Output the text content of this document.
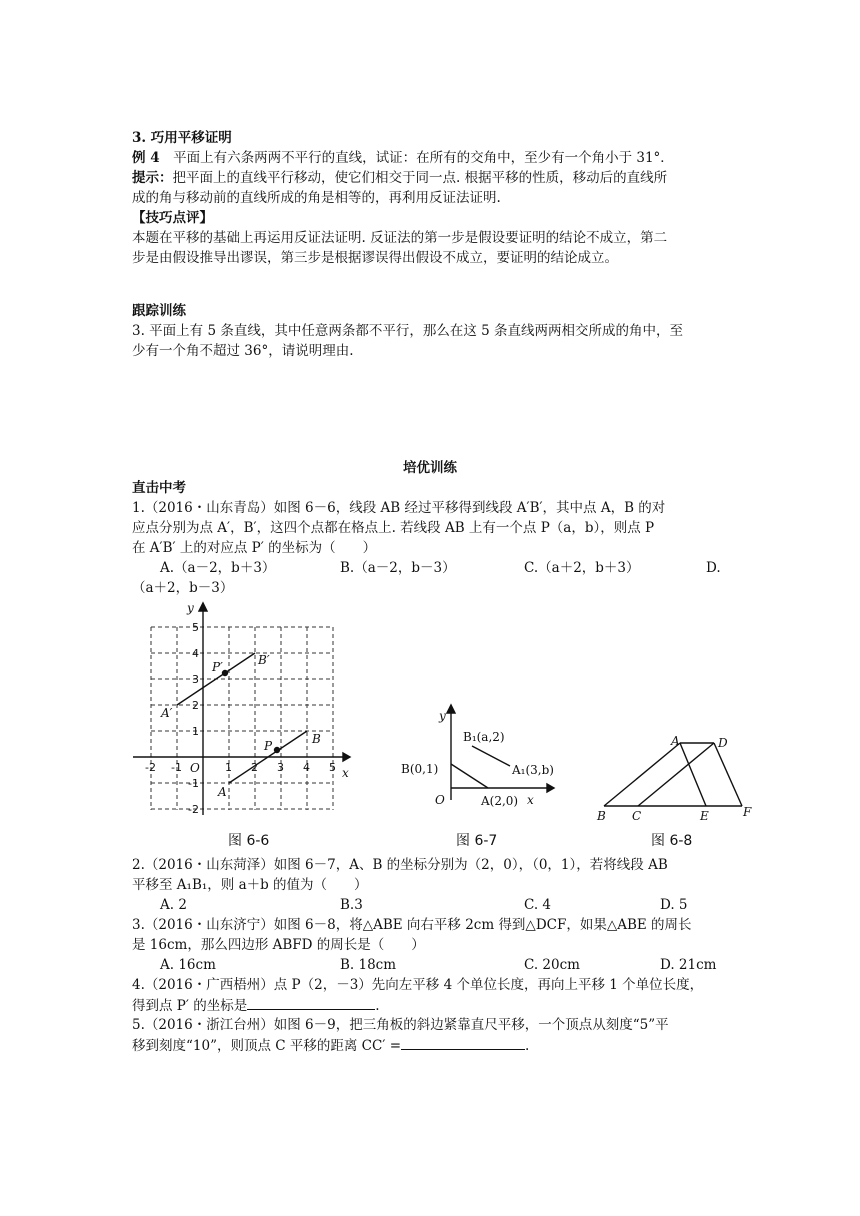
3. 巧用平移证明
例 4　平面上有六条两两不平行的直线，试证：在所有的交角中，至少有一个角小于 31°．
提示：把平面上的直线平行移动，使它们相交于同一点. 根据平移的性质，移动后的直线所
成的角与移动前的直线所成的角是相等的，再利用反证法证明.
【技巧点评】
本题在平移的基础上再运用反证法证明. 反证法的第一步是假设要证明的结论不成立，第二
步是由假设推导出谬误，第三步是根据谬误得出假设不成立，要证明的结论成立。
跟踪训练
3. 平面上有 5 条直线，其中任意两条都不平行，那么在这 5 条直线两两相交所成的角中，至
少有一个角不超过 36°，请说明理由.
培优训练
直击中考
1.（2016・山东青岛）如图 6－6，线段 AB 经过平移得到线段 A′B′，其中点 A，B 的对
应点分别为点 A′，B′，这四个点都在格点上. 若线段 AB 上有一个点 P（a，b），则点 P
在 A′B′ 上的对应点 P′ 的坐标为（　　）
A.（a－2，b＋3）	B.（a－2，b－3）	C.（a＋2，b＋3）	D.
（a＋2，b－3）
x
y
O
A
B
P
A′
B′
P′
-2 -1	1 2 3 4 5
5
4
3
2
1
-1
-2
图 6-6
y
x
O
B(0,1)
A(2,0)
B₁(a,2)
A₁(3,b)
图 6-7
A	D
B C	E	F
图 6-8
2.（2016・山东菏泽）如图 6－7，A、B 的坐标分别为（2，0），（0，1），若将线段 AB
平移至 A₁B₁，则 a＋b 的值为（　　）
A. 2	B.3	C. 4	D. 5
3.（2016・山东济宁）如图 6－8，将△ABE 向右平移 2cm 得到△DCF，如果△ABE 的周长
是 16cm，那么四边形 ABFD 的周长是（　　）
A. 16cm	B. 18cm	C. 20cm	D. 21cm
4.（2016・广西梧州）点 P（2，－3）先向左平移 4 个单位长度，再向上平移 1 个单位长度，
得到点 P′ 的坐标是	.
5.（2016・浙江台州）如图 6－9，把三角板的斜边紧靠直尺平移，一个顶点从刻度“5”平
移到刻度“10”，则顶点 C 平移的距离 CC′ =	.
